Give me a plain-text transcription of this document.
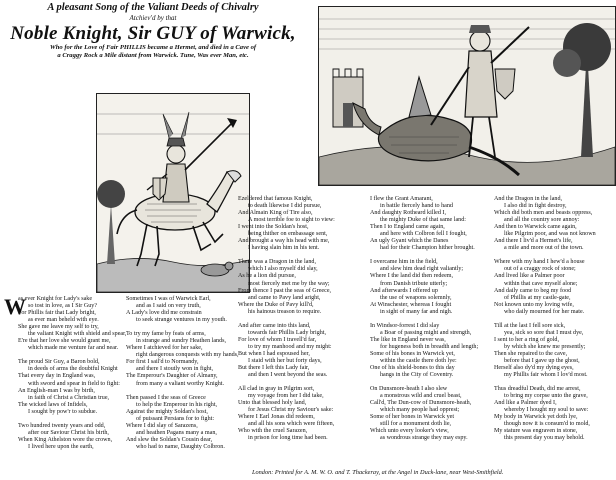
A pleasant Song of the Valiant Deeds of Chivalry
Atchiev'd by that
Noble Knight, Sir GUY of Warwick,
Who for the Love of Fair PHILLIS became a Hermet, and died in a Cave of
a Craggy Rock a Mile distant from Warwick. Tune, Was ever Man, etc.
W

as ever Knight for Lady's sake

so tost in love, as I Sir Guy?

For Phillis fair that Lady bright,

as ever man beheld with eye.

She gave me leave my self to try,

the valiant Knight with shield and spear,

E're that her love she would grant me,

which made me venture far and near.

The proud Sir Guy, a Baron bold,

in deeds of arms the doubtful Knight

That every day in England was,

with sword and spear in field to fight:

An English-man I was by birth,

in faith of Christ a Christian true,

The wicked laws of Infidels,

I sought by pow'r to subdue.

Two hundred twenty years and odd,

after our Saviour Christ his birth,

When King Athelston wore the crown,

I lived here upon the earth,

Sometimes I was of Warwick Earl,

and as I said on very truth,

A Lady's love did me constrain

to seek strange ventures in my youth.

To try my fame by feats of arms,

in strange and sundry Heathen lands,

Where I atchieved for her sake,

right dangerous conquests with my hands,

For first I sail'd to Normandy,

and there I stoutly won in fight,

The Emperour's Daughter of Almany,

from many a valiant worthy Knight.

Then passed I the seas of Greece

to help the Emperour in his right,

Against the mighty Soldan's host,

of puissant Persians for to fight:

Where I did slay of Sarazens,

and heathen Pagans many a man,

And slew the Soldan's Cousin dear,

who had to name, Daughty Colbron.

Ezeldered that famous Knight,

to death likewise I did pursue,

And Almain King of Tire also,

A most terrible foe to sight to view:

I went into the Soldan's host,

being thither on embassage sent,

And brought a way his head with me,

I having slain him in his tent.

There was a Dragon in the land,

which I also myself did slay,

As he a lion did pursue,

most fiercely met me by the way;

From thence I past the seas of Greece,

and came to Pavy land aright,

Where the Duke of Pavy kill'd,

his hainous treason to require.

And after came into this land,

towards fair Phillis Lady bright,

For love of whom I travell'd far,

to try my manhood and my might:

But when I had espoused her,

I staid with her but forty days,

But there I left this Lady fair,

and then I went beyond the seas.

All clad in gray in Pilgrim sort,

my voyage from her I did take,

Unto that blessed holy land,

for Jesus Christ my Saviour's sake:

Where I Earl Jonas did redeem,

and all his sons which were fifteen,

Who with the cruel Sarazen,

in prison for long time had been.

I flew the Grant Amarant,

in battle fiercely hand to hand

And daughty Rotheard killed I,

the mighty Duke of that same land:

Then I to England came again,

and here with Colbron fell I fought,

An ugly Gyant which the Danes

had for their Champion hither brought.

I overcame him in the field,

and slew him dead right valiantly;

Where I the land did then redeem,

from Danish tribute utterly;

And afterwards I offered up

the use of weapons solemnly,

At Winschester, whereas I fought

in sight of many far and nigh.

In Windsor-forrest I did slay

a Boar of passing might and strength,

The like in England never was,

for hugeness both in breadth and length;

Some of his bones in Warwick yet,

within the castle there doth lye:

One of his shield-bones to this day

hangs in the City of Coventry.

On Dunsmore-heath I also slew

a monstrous wild and cruel beast,

Call'd, The Dun-cow of Dunsmore-heath,

which many people had opprest;

Some of her bones in Warwick yet

still for a monument doth lie,

Which unto every looker's view,

as wondrous strange they may espy.

And the Dragon in the land,

I also did in fight destroy,

Which did both men and beasts oppress,

and all the country sore annoy:

And then to Warwick came again,

like Pilgrim poor, and was not known

And there I liv'd a Hermet's life,

a mile and more out of the town.

Where with my hand I hew'd a house

out of a craggy rock of stone;

And lived like a Palmer poor

within that cave myself alone;

And daily came to beg my food

of Phillis at my castle-gate,

Not known unto my loving wife,

who daily mourned for her mate.

Till at the last I fell sore sick,

yea, sick so sore that I must dye,

I sent to her a ring of gold,

by which she knew me presently;

Then she repaired to the cave,

before that I gave up the ghost,

Herself also dy'd my dying eyes,

my Phillis fair whom I lov'd most.

Thus dreadful Death, did me arrest,

to bring my corpse unto the grave,

And like a Palmer dyed I,

whereby I hought my soul to save:

My body in Warwick yet doth lye,

though now it is consum'd to mold,

My stature was engraven in stone,

this present day you may behold.

London: Printed for A. M. W. O. and T. Thackeray, at the Angel in Duck-lane, near West-Smithfield.
